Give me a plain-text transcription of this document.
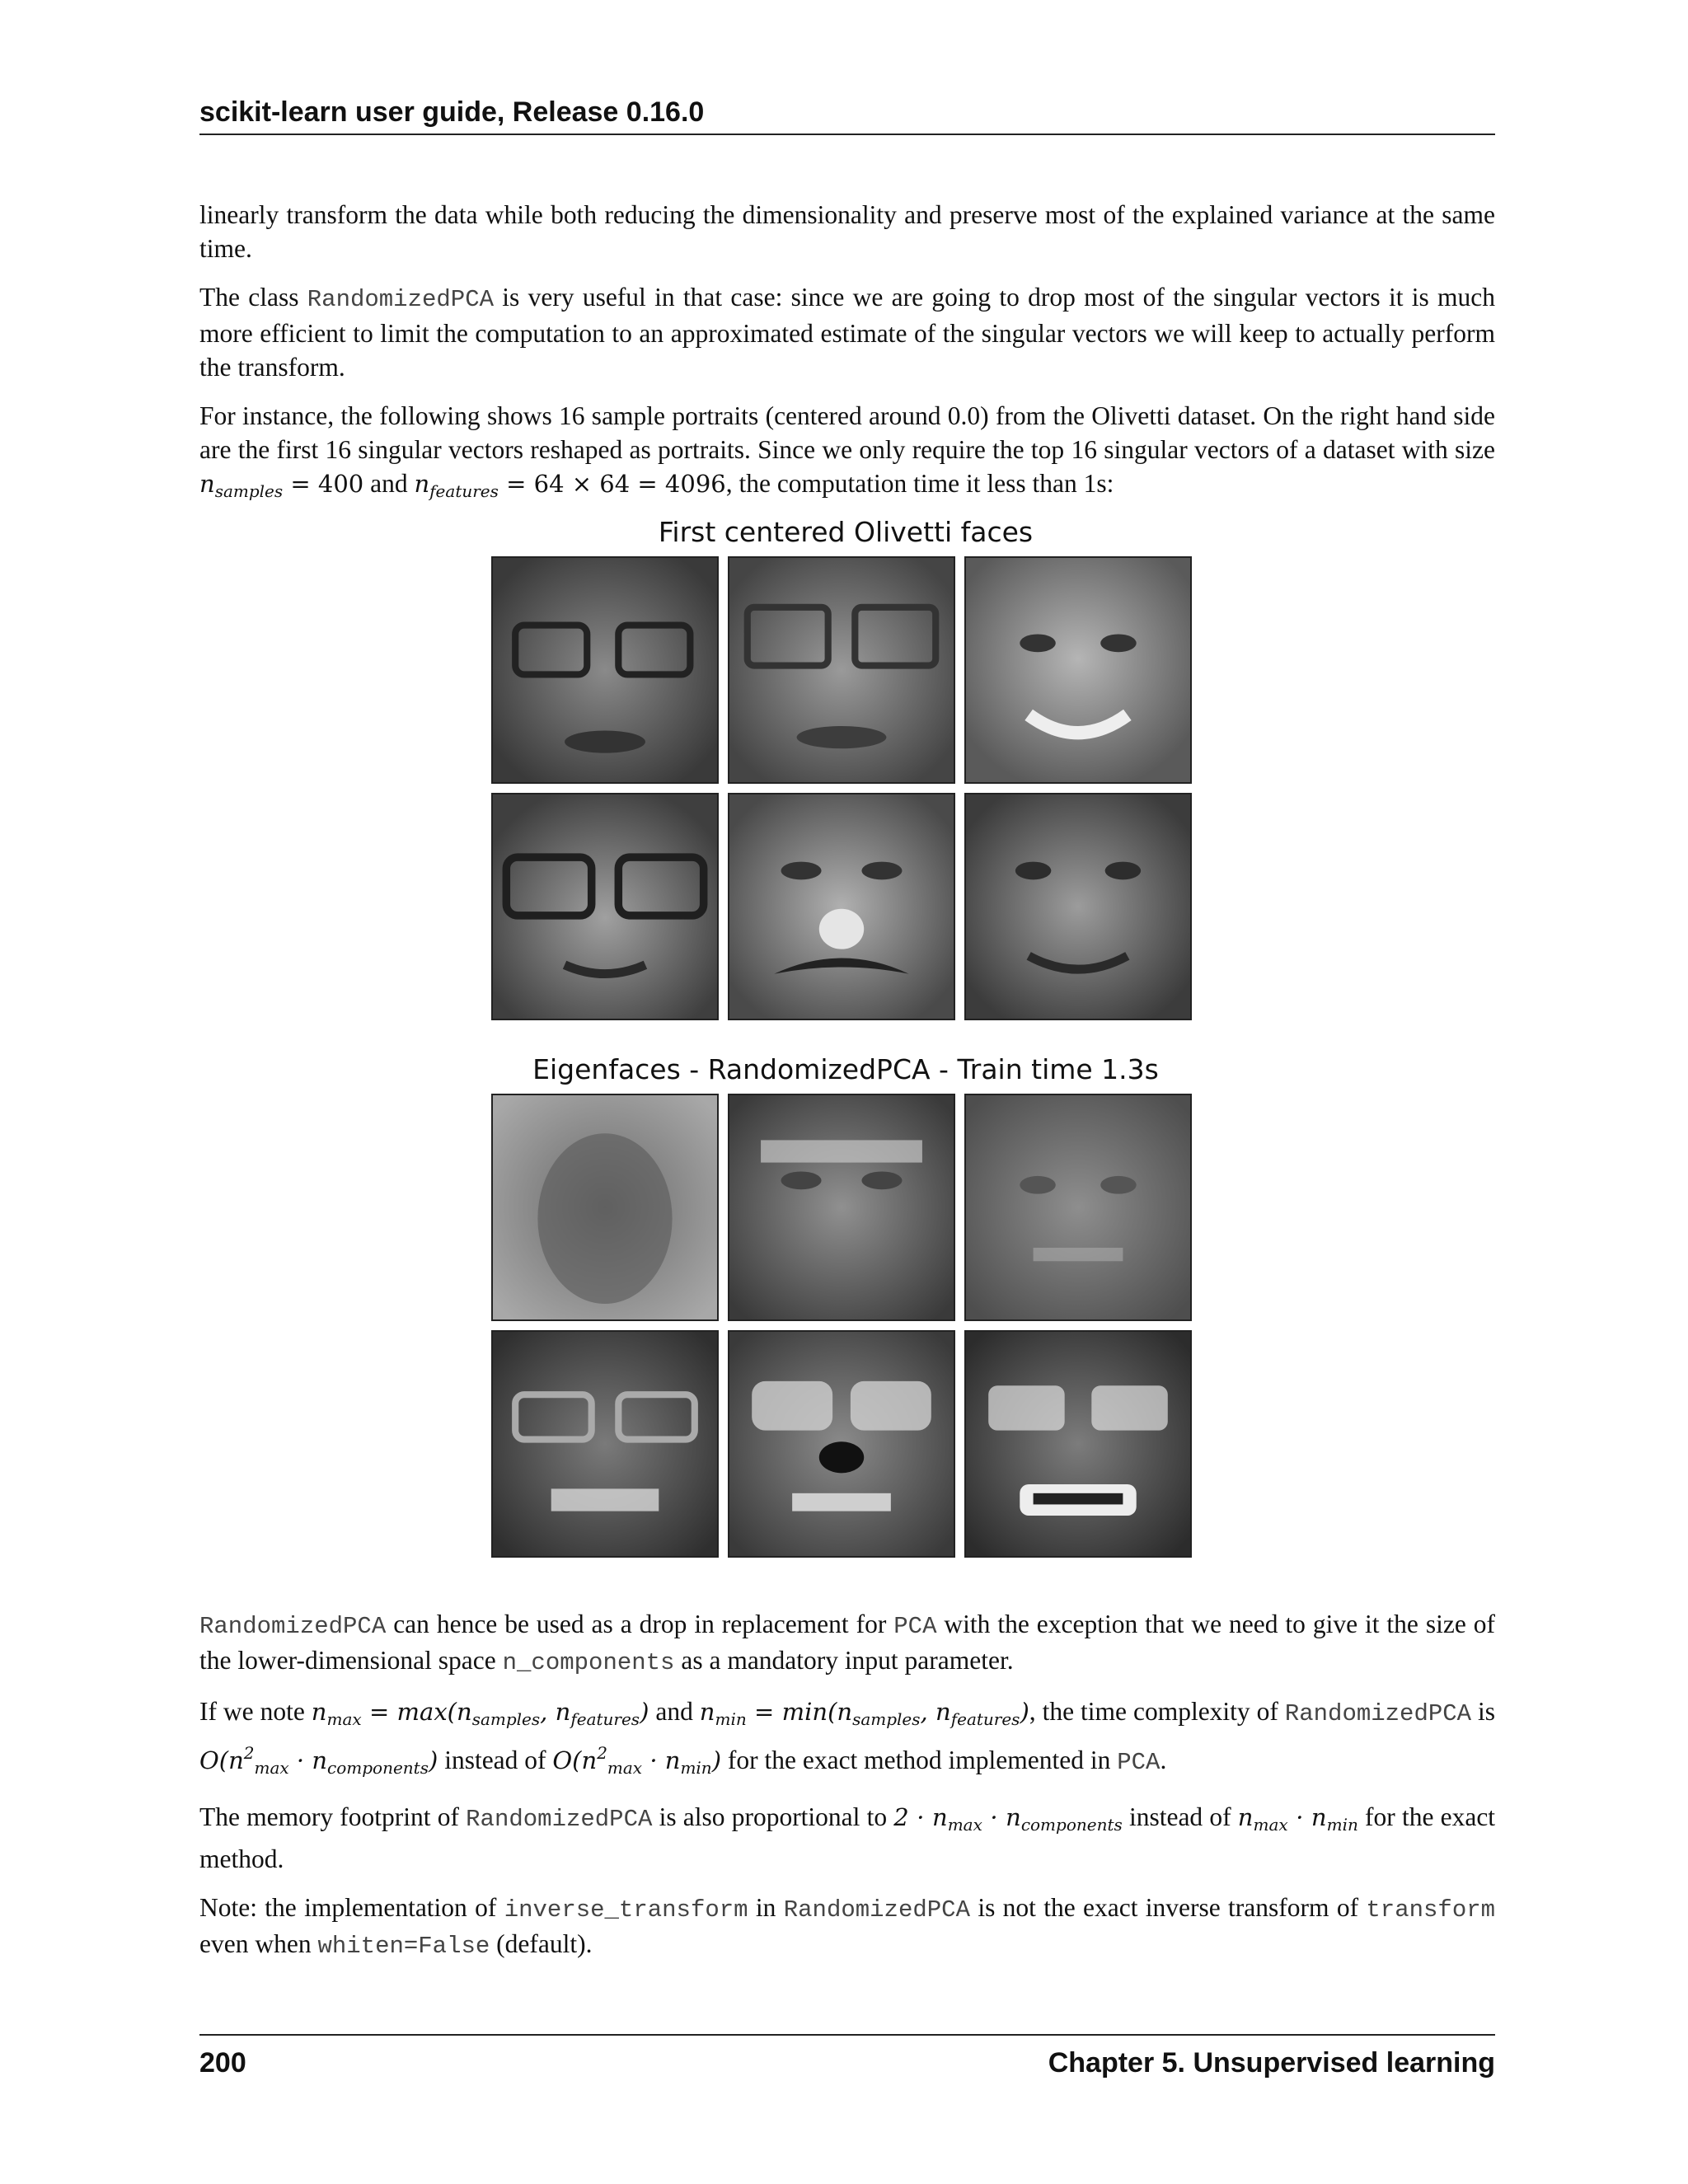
scikit-learn user guide, Release 0.16.0

linearly transform the data while both reducing the dimensionality and preserve most of the explained variance at the same time.

The class RandomizedPCA is very useful in that case: since we are going to drop most of the singular vectors it is much more efficient to limit the computation to an approximated estimate of the singular vectors we will keep to actually perform the transform.

For instance, the following shows 16 sample portraits (centered around 0.0) from the Olivetti dataset. On the right hand side are the first 16 singular vectors reshaped as portraits. Since we only require the top 16 singular vectors of a dataset with size $n_{samples} = 400$ and $n_{features} = 64 \times 64 = 4096$, the computation time it less than 1s:

First centered Olivetti faces
Eigenfaces - RandomizedPCA - Train time 1.3s

RandomizedPCA can hence be used as a drop in replacement for PCA with the exception that we need to give it the size of the lower-dimensional space n_components as a mandatory input parameter.

If we note $n_{max} = \max(n_{samples}$, $n_{features}$) and $n_{min} = \min(n_{samples}$, $n_{features}$), the time complexity of RandomizedPCA is $O(n^2_{max} \cdot n_{components})$ instead of $O(n^2_{max} \cdot n_{min})$ for the exact method implemented in PCA.

The memory footprint of RandomizedPCA is also proportional to $2 \cdot n_{max} \cdot n_{components}$ instead of $n_{max} \cdot n_{min}$ for the exact method.

Note: the implementation of inverse_transform in RandomizedPCA is not the exact inverse transform of transform even when whiten=False (default).

200	Chapter 5. Unsupervised learning
